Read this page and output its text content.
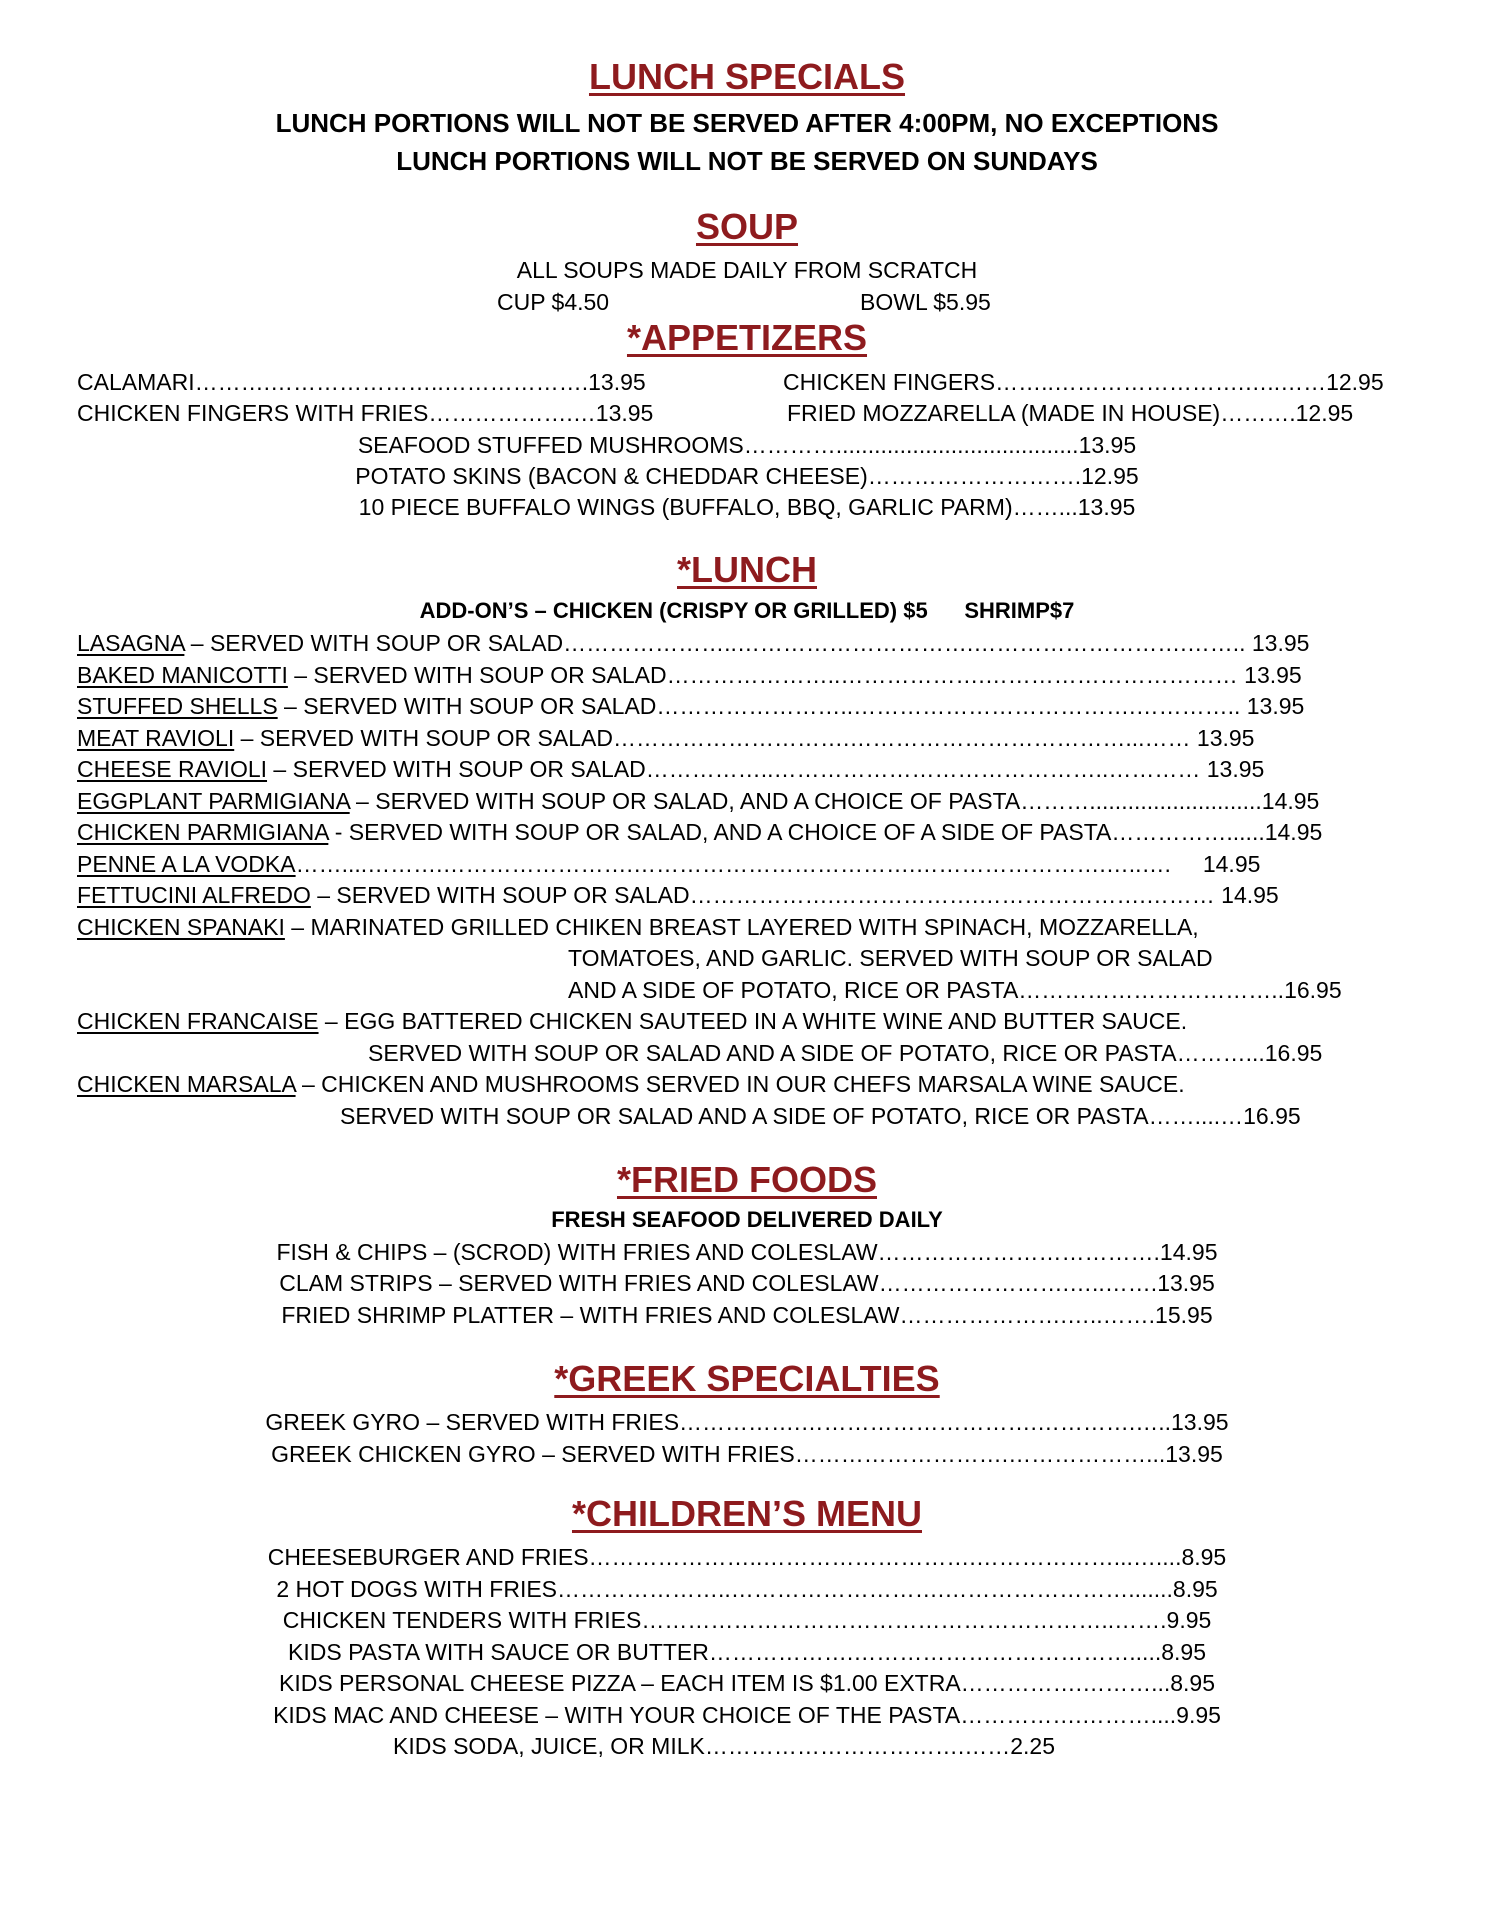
LUNCH SPECIALS
LUNCH PORTIONS WILL NOT BE SERVED AFTER 4:00PM, NO EXCEPTIONS
LUNCH PORTIONS WILL NOT BE SERVED ON SUNDAYS
SOUP
ALL SOUPS MADE DAILY FROM SCRATCH
CUP $4.50	BOWL $5.95
*APPETIZERS
CALAMARI……….…………………..……………….13.95	CHICKEN FINGERS……..…………………….…..……12.95
CHICKEN FINGERS WITH FRIES……………….…13.95	FRIED MOZZARELLA (MADE IN HOUSE)……….12.95
SEAFOOD STUFFED MUSHROOMS…………......................................13.95
POTATO SKINS (BACON & CHEDDAR CHEESE)……………………….12.95
10 PIECE BUFFALO WINGS (BUFFALO, BBQ, GARLIC PARM)……...13.95
*LUNCH
ADD-ON’S – CHICKEN (CRISPY OR GRILLED) $5      SHRIMP$7
LASAGNA – SERVED WITH SOUP OR SALAD…………………..………………………….……………………….…….. 13.95
BAKED MANICOTTI – SERVED WITH SOUP OR SALAD…………………..……………….…………………………… 13.95
STUFFED SHELLS – SERVED WITH SOUP OR SALAD……………………..……………………………….………….. 13.95
MEAT RAVIOLI – SERVED WITH SOUP OR SALAD………………………….………………………………...…… 13.95
CHEESE RAVIOLI – SERVED WITH SOUP OR SALAD……………..……………………………………..………… 13.95
EGGPLANT PARMIGIANA – SERVED WITH SOUP OR SALAD, AND A CHOICE OF PASTA………...........................14.95
CHICKEN PARMIGIANA - SERVED WITH SOUP OR SALAD, AND A CHOICE OF A SIDE OF PASTA……………......14.95
PENNE A LA VODKA……....……….…………………….……………………………….…………………….…..….     14.95
FETTUCINI ALFREDO – SERVED WITH SOUP OR SALAD……………….……………….………………….……… 14.95
CHICKEN SPANAKI – MARINATED GRILLED CHIKEN BREAST LAYERED WITH SPINACH, MOZZARELLA,
TOMATOES, AND GARLIC. SERVED WITH SOUP OR SALAD
AND A SIDE OF POTATO, RICE OR PASTA……………………………..16.95
CHICKEN FRANCAISE – EGG BATTERED CHICKEN SAUTEED IN A WHITE WINE AND BUTTER SAUCE.
SERVED WITH SOUP OR SALAD AND A SIDE OF POTATO, RICE OR PASTA………...16.95
CHICKEN MARSALA – CHICKEN AND MUSHROOMS SERVED IN OUR CHEFS MARSALA WINE SAUCE.
SERVED WITH SOUP OR SALAD AND A SIDE OF POTATO, RICE OR PASTA……....…16.95
*FRIED FOODS
FRESH SEAFOOD DELIVERED DAILY
FISH & CHIPS – (SCROD) WITH FRIES AND COLESLAW……………………………….14.95
CLAM STRIPS – SERVED WITH FRIES AND COLESLAW…………………….…..…….13.95
FRIED SHRIMP PLATTER – WITH FRIES AND COLESLAW………………….…..…….15.95
*GREEK SPECIALTIES
GREEK GYRO – SERVED WITH FRIES…………….………………………….………….…..13.95
GREEK CHICKEN GYRO – SERVED WITH FRIES……………………….………………...13.95
*CHILDREN’S MENU
CHEESEBURGER AND FRIES…………………..……………………….………………...…....8.95
2 HOT DOGS WITH FRIES…………………..……………………….…………………….......8.95
CHICKEN TENDERS WITH FRIES……………………………………………………..…….9.95
KIDS PASTA WITH SAUCE OR BUTTER……………….……………………………….....8.95
KIDS PERSONAL CHEESE PIZZA – EACH ITEM IS $1.00 EXTRA…………….………...8.95
KIDS MAC AND CHEESE – WITH YOUR CHOICE OF THE PASTA…………….………....9.95
KIDS SODA, JUICE, OR MILK…………………………….……2.25
